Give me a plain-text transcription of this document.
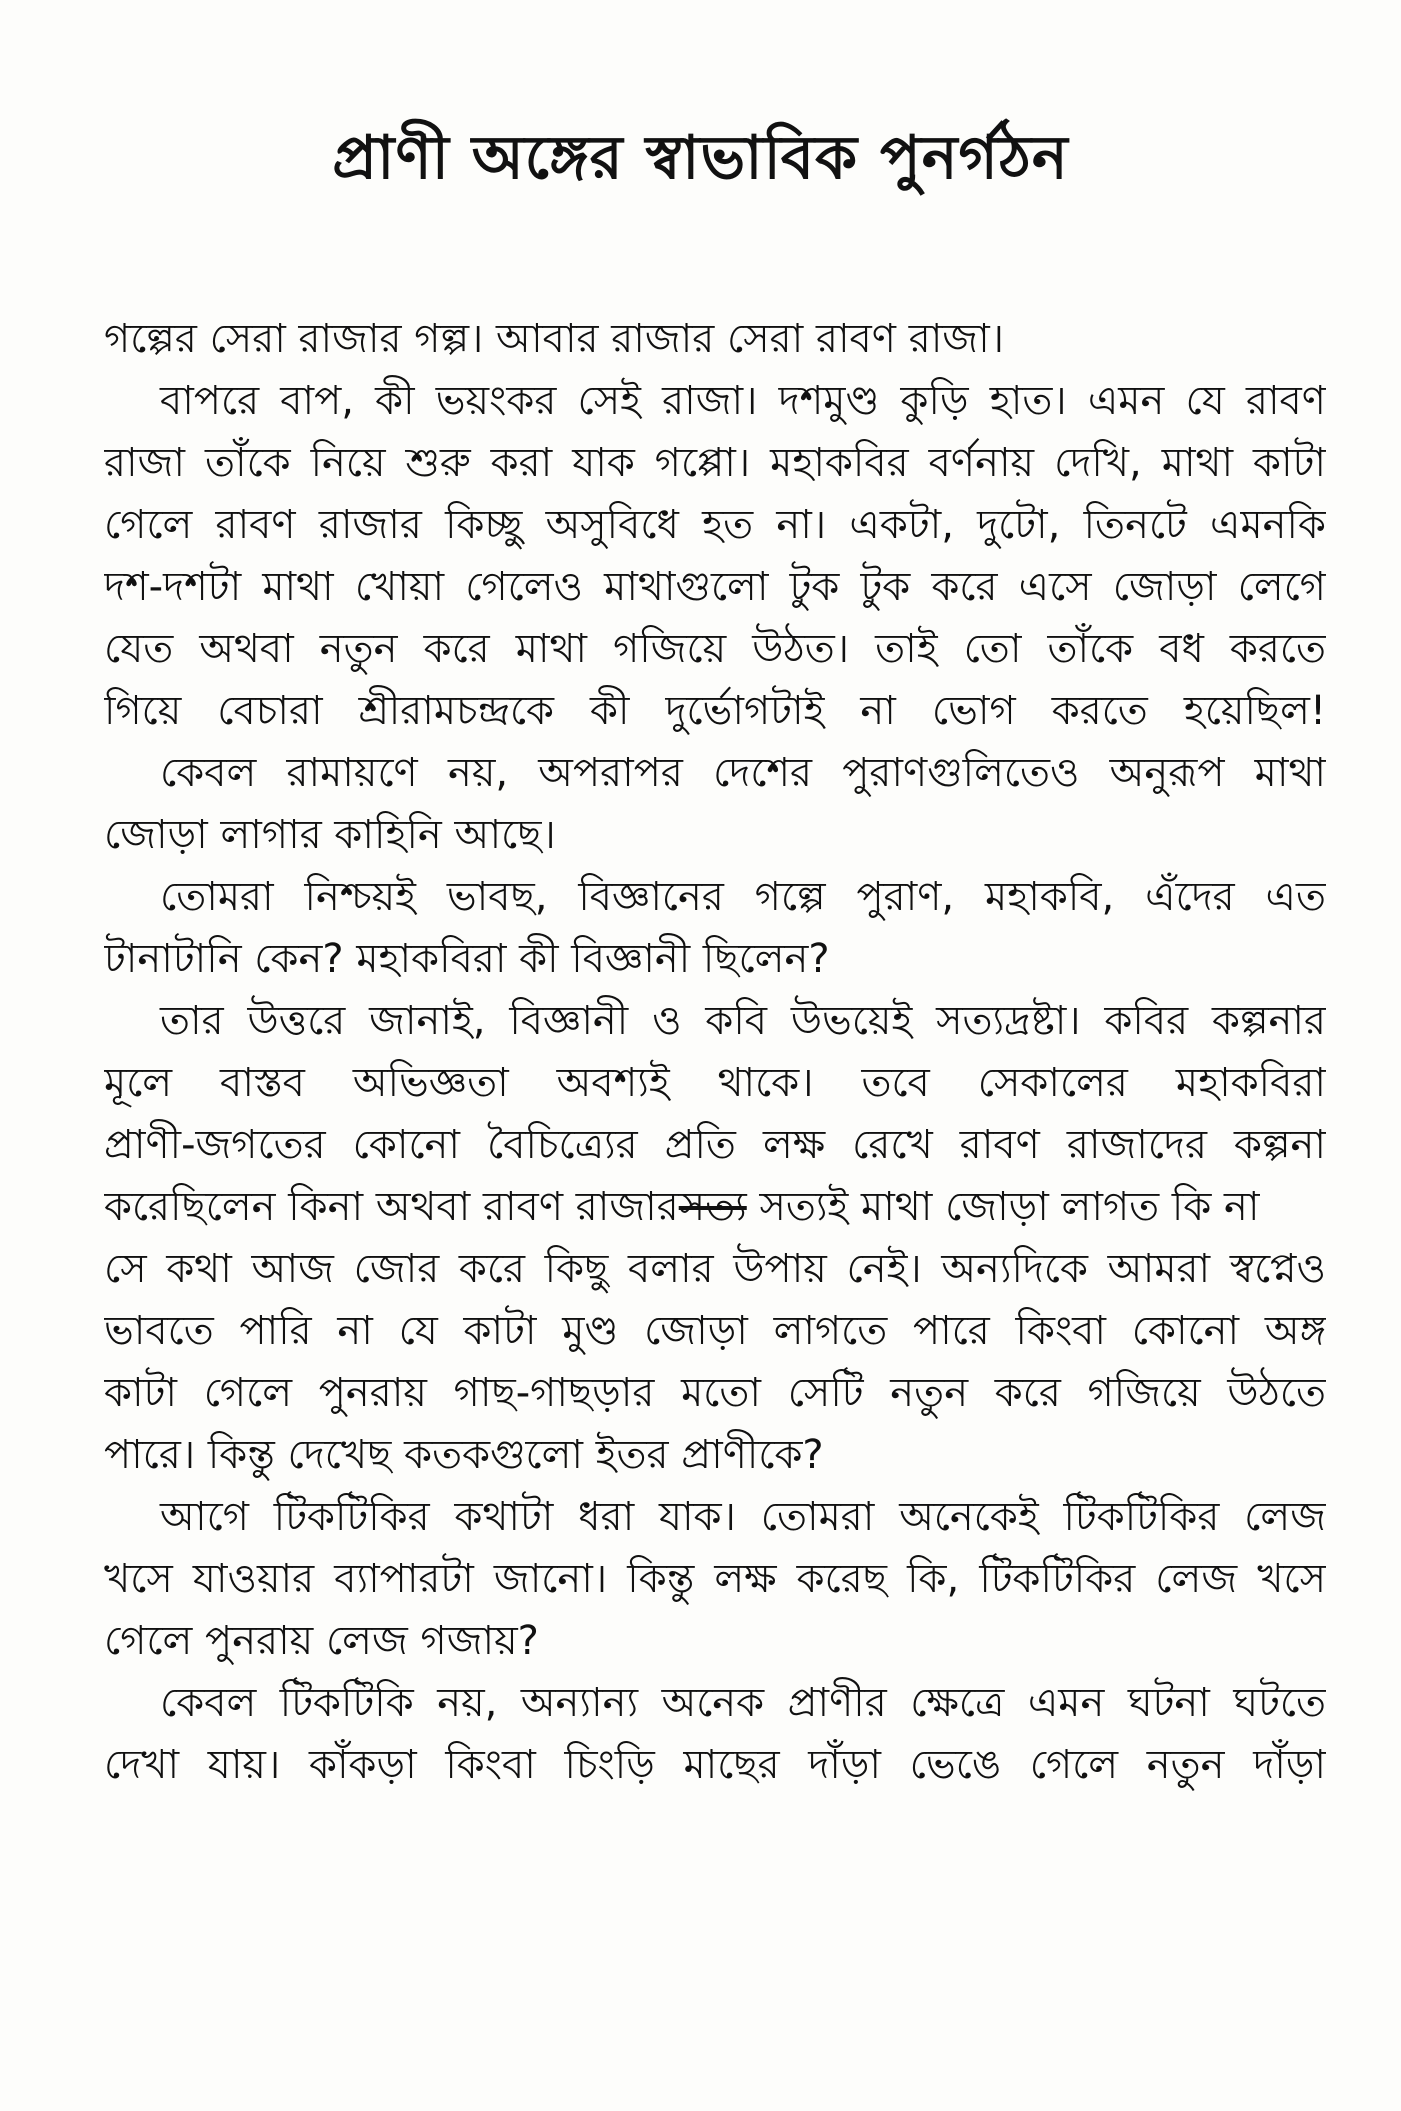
প্রাণী অঙ্গের স্বাভাবিক পুনর্গঠন
গল্পের সেরা রাজার গল্প। আবার রাজার সেরা রাবণ রাজা।
বাপরে বাপ, কী ভয়ংকর সেই রাজা। দশমুণ্ড কুড়ি হাত। এমন যে রাবণ
রাজা তাঁকে নিয়ে শুরু করা যাক গপ্পো। মহাকবির বর্ণনায় দেখি, মাথা কাটা
গেলে রাবণ রাজার কিচ্ছু অসুবিধে হত না। একটা, দুটো, তিনটে এমনকি
দশ-দশটা মাথা খোয়া গেলেও মাথাগুলো টুক টুক করে এসে জোড়া লেগে
যেত অথবা নতুন করে মাথা গজিয়ে উঠত। তাই তো তাঁকে বধ করতে
গিয়ে বেচারা শ্রীরামচন্দ্রকে কী দুর্ভোগটাই না ভোগ করতে হয়েছিল!
কেবল রামায়ণে নয়, অপরাপর দেশের পুরাণগুলিতেও অনুরূপ মাথা
জোড়া লাগার কাহিনি আছে।
তোমরা নিশ্চয়ই ভাবছ, বিজ্ঞানের গল্পে পুরাণ, মহাকবি, এঁদের এত
টানাটানি কেন? মহাকবিরা কী বিজ্ঞানী ছিলেন?
তার উত্তরে জানাই, বিজ্ঞানী ও কবি উভয়েই সত্যদ্রষ্টা। কবির কল্পনার
মূলে বাস্তব অভিজ্ঞতা অবশ্যই থাকে। তবে সেকালের মহাকবিরা
প্রাণী-জগতের কোনো বৈচিত্র্যের প্রতি লক্ষ রেখে রাবণ রাজাদের কল্পনা
করেছিলেন কিনা অথবা রাবণ রাজারসত্য সত্যই মাথা জোড়া লাগত কি না
সে কথা আজ জোর করে কিছু বলার উপায় নেই। অন্যদিকে আমরা স্বপ্নেও
ভাবতে পারি না যে কাটা মুণ্ড জোড়া লাগতে পারে কিংবা কোনো অঙ্গ
কাটা গেলে পুনরায় গাছ-গাছড়ার মতো সেটি নতুন করে গজিয়ে উঠতে
পারে। কিন্তু দেখেছ কতকগুলো ইতর প্রাণীকে?
আগে টিকটিকির কথাটা ধরা যাক। তোমরা অনেকেই টিকটিকির লেজ
খসে যাওয়ার ব্যাপারটা জানো। কিন্তু লক্ষ করেছ কি, টিকটিকির লেজ খসে
গেলে পুনরায় লেজ গজায়?
কেবল টিকটিকি নয়, অন্যান্য অনেক প্রাণীর ক্ষেত্রে এমন ঘটনা ঘটতে
দেখা যায়। কাঁকড়া কিংবা চিংড়ি মাছের দাঁড়া ভেঙে গেলে নতুন দাঁড়া
